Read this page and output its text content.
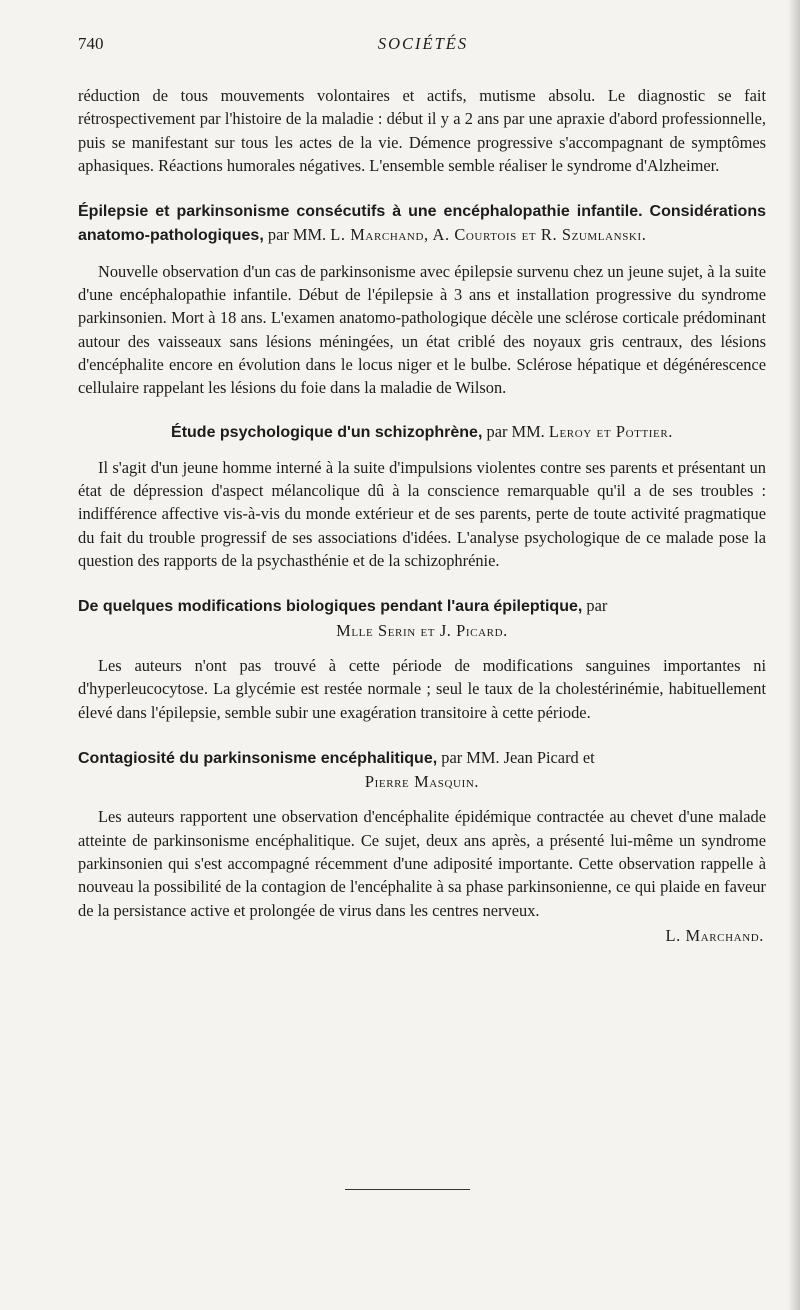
740	SOCIÉTÉS

réduction de tous mouvements volontaires et actifs, mutisme absolu. Le diagnostic se fait rétrospectivement par l'histoire de la maladie : début il y a 2 ans par une apraxie d'abord professionnelle, puis se manifestant sur tous les actes de la vie. Démence progressive s'accompagnant de symptômes aphasiques. Réactions humorales négatives. L'ensemble semble réaliser le syndrome d'Alzheimer.

Épilepsie et parkinsonisme consécutifs à une encéphalopathie infantile. Considérations anatomo-pathologiques, par MM. L. Marchand, A. Courtois et R. Szumlanski.

Nouvelle observation d'un cas de parkinsonisme avec épilepsie survenu chez un jeune sujet, à la suite d'une encéphalopathie infantile. Début de l'épilepsie à 3 ans et installation progressive du syndrome parkinsonien. Mort à 18 ans. L'examen anatomo-pathologique décèle une sclérose corticale prédominant autour des vaisseaux sans lésions méningées, un état criblé des noyaux gris centraux, des lésions d'encéphalite encore en évolution dans le locus niger et le bulbe. Sclérose hépatique et dégénérescence cellulaire rappelant les lésions du foie dans la maladie de Wilson.

Étude psychologique d'un schizophrène, par MM. Leroy et Pottier.

Il s'agit d'un jeune homme interné à la suite d'impulsions violentes contre ses parents et présentant un état de dépression d'aspect mélancolique dû à la conscience remarquable qu'il a de ses troubles : indifférence affective vis-à-vis du monde extérieur et de ses parents, perte de toute activité pragmatique du fait du trouble progressif de ses associations d'idées. L'analyse psychologique de ce malade pose la question des rapports de la psychasthénie et de la schizophrénie.

De quelques modifications biologiques pendant l'aura épileptique, par
Mlle Serin et J. Picard.

Les auteurs n'ont pas trouvé à cette période de modifications sanguines importantes ni d'hyperleucocytose. La glycémie est restée normale ; seul le taux de la cholestérinémie, habituellement élevé dans l'épilepsie, semble subir une exagération transitoire à cette période.

Contagiosité du parkinsonisme encéphalitique, par MM. Jean Picard et
Pierre Masquin.

Les auteurs rapportent une observation d'encéphalite épidémique contractée au chevet d'une malade atteinte de parkinsonisme encéphalitique. Ce sujet, deux ans après, a présenté lui-même un syndrome parkinsonien qui s'est accompagné récemment d'une adiposité importante. Cette observation rappelle à nouveau la possibilité de la contagion de l'encéphalite à sa phase parkinsonienne, ce qui plaide en faveur de la persistance active et prolongée de virus dans les centres nerveux.

L. Marchand.
